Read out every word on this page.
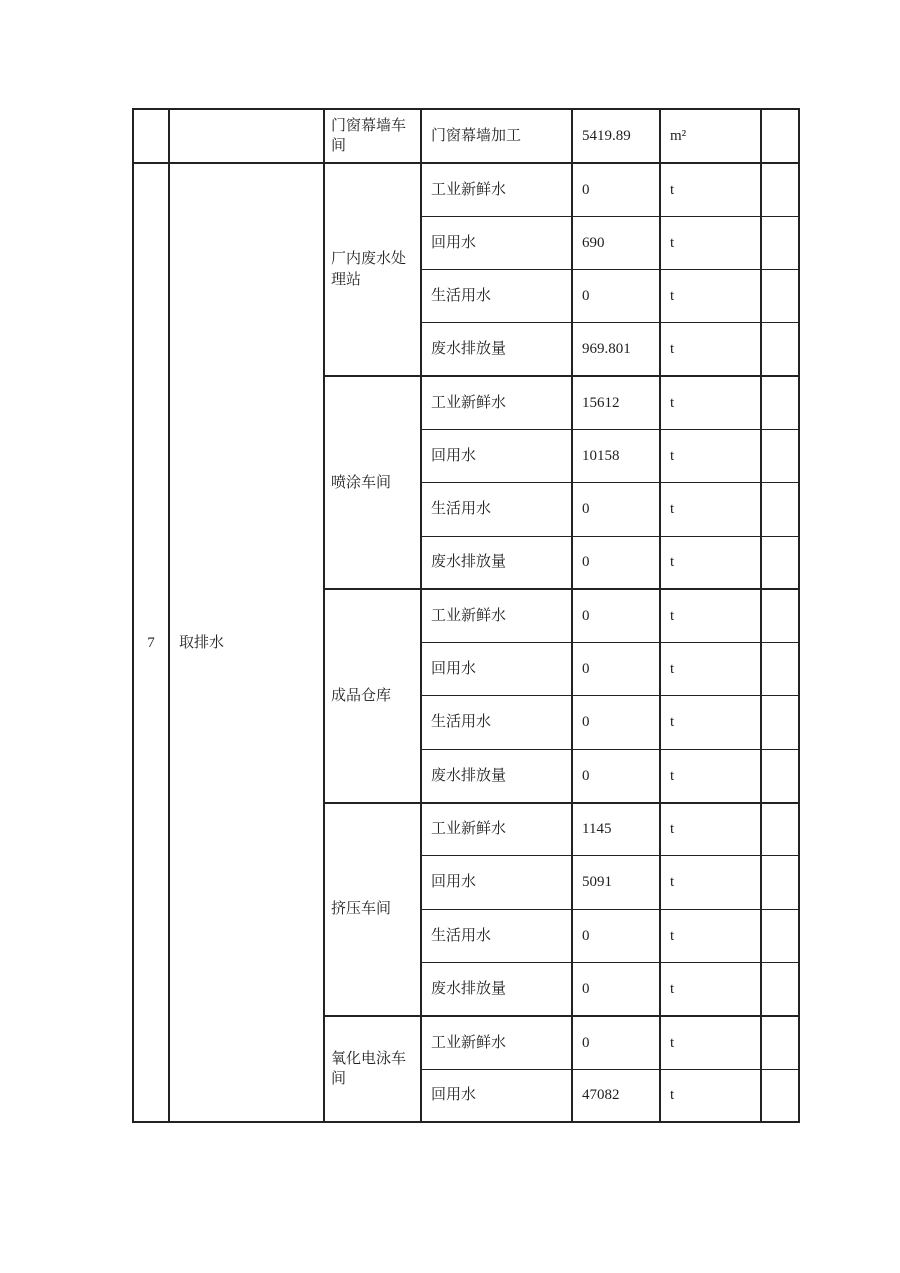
		门窗幕墙车间	门窗幕墙加工	5419.89	m²	
7	取排水	厂内废水处理站	工业新鲜水	0	t	
			回用水	690	t	
			生活用水	0	t	
			废水排放量	969.801	t	
		喷涂车间	工业新鲜水	15612	t	
			回用水	10158	t	
			生活用水	0	t	
			废水排放量	0	t	
		成品仓库	工业新鲜水	0	t	
			回用水	0	t	
			生活用水	0	t	
			废水排放量	0	t	
		挤压车间	工业新鲜水	1145	t	
			回用水	5091	t	
			生活用水	0	t	
			废水排放量	0	t	
		氧化电泳车间	工业新鲜水	0	t	
			回用水	47082	t	
